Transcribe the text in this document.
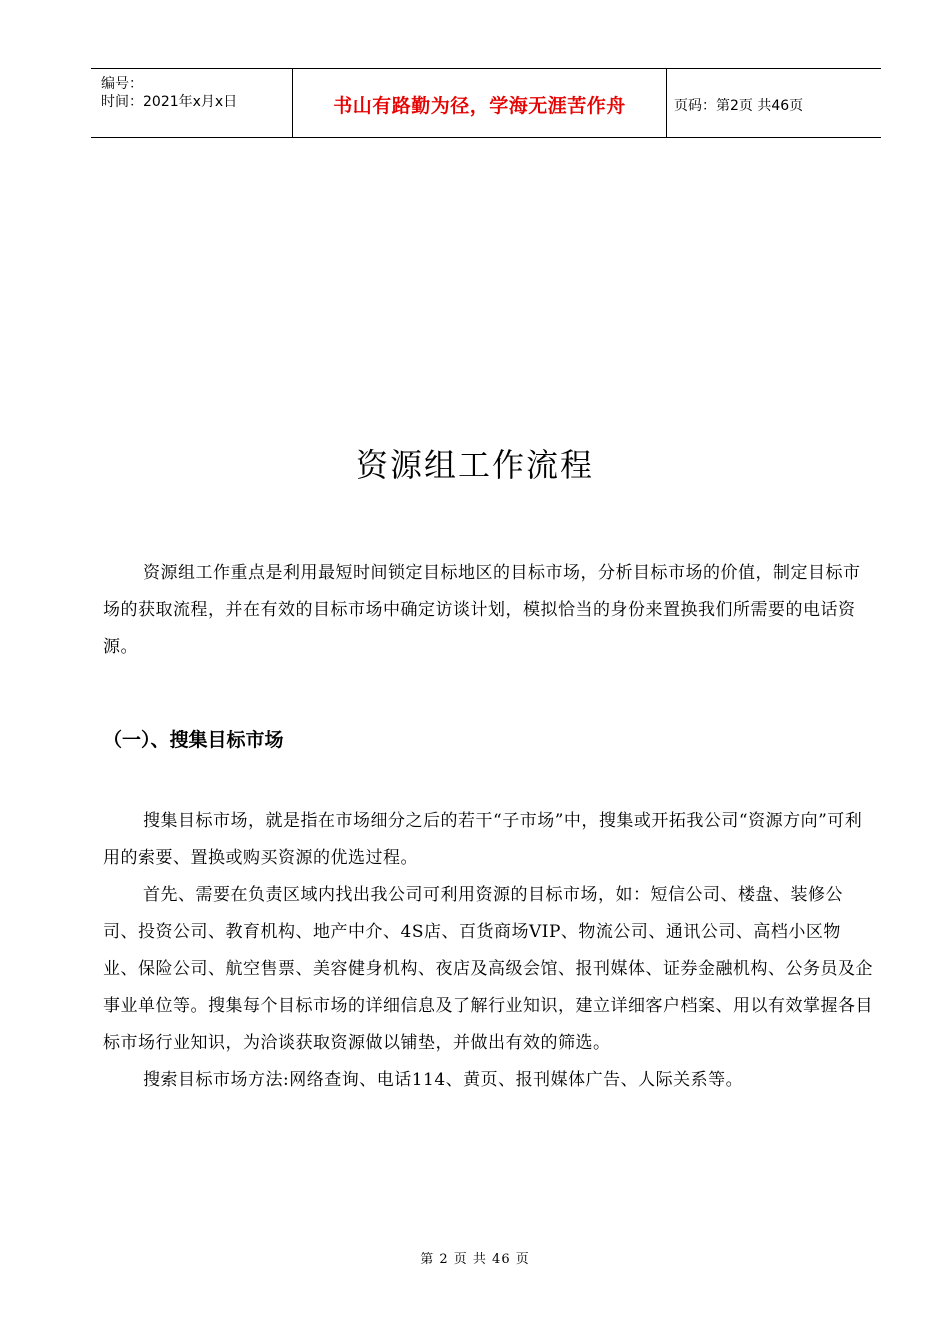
编号：
时间：2021年x月x日	书山有路勤为径，学海无涯苦作舟	页码：第2页 共46页
资源组工作流程

资源组工作重点是利用最短时间锁定目标地区的目标市场，分析目标市场的价值，制定目标市场的获取流程，并在有效的目标市场中确定访谈计划，模拟恰当的身份来置换我们所需要的电话资源。

（一）、搜集目标市场

搜集目标市场，就是指在市场细分之后的若干“子市场”中，搜集或开拓我公司“资源方向”可利用的索要、置换或购买资源的优选过程。

首先、需要在负责区域内找出我公司可利用资源的目标市场，如：短信公司、楼盘、装修公司、投资公司、教育机构、地产中介、4S店、百货商场VIP、物流公司、通讯公司、高档小区物业、保险公司、航空售票、美容健身机构、夜店及高级会馆、报刊媒体、证券金融机构、公务员及企事业单位等。搜集每个目标市场的详细信息及了解行业知识，建立详细客户档案、用以有效掌握各目标市场行业知识，为洽谈获取资源做以铺垫，并做出有效的筛选。

搜索目标市场方法:网络查询、电话114、黄页、报刊媒体广告、人际关系等。

第 2 页 共 46 页
